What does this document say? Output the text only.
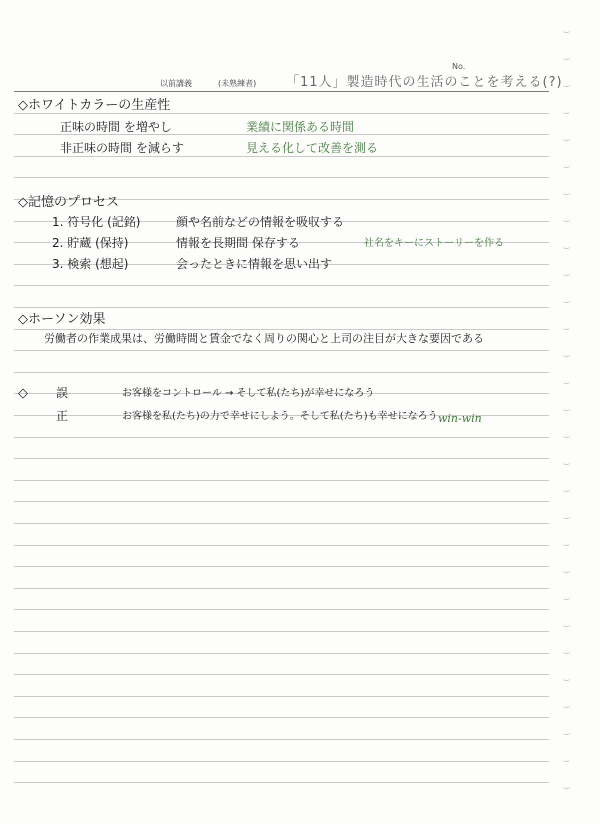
No.
以前講義	(未熟練者) 「11人」製造時代の生活のことを考える(?)
◇ホワイトカラーの生産性
正味の時間 を増やし	業績に関係ある時間
非正味の時間 を減らす	見える化して改善を測る
◇記憶のプロセス
1. 符号化 (記銘)	顔や名前などの情報を吸収する
2. 貯蔵 (保持)	情報を長期間 保存する	社名をキーにストーリーを作る
3. 検索 (想起)	会ったときに情報を思い出す
◇ホーソン効果
労働者の作業成果は、労働時間と賃金でなく周りの関心と上司の注目が大きな要因である
◇ 誤	お客様をコントロール → そして私(たち)が幸せになろう
正	お客様を私(たち)の力で幸せにしよう。そして私(たち)も幸せになろう win-win
